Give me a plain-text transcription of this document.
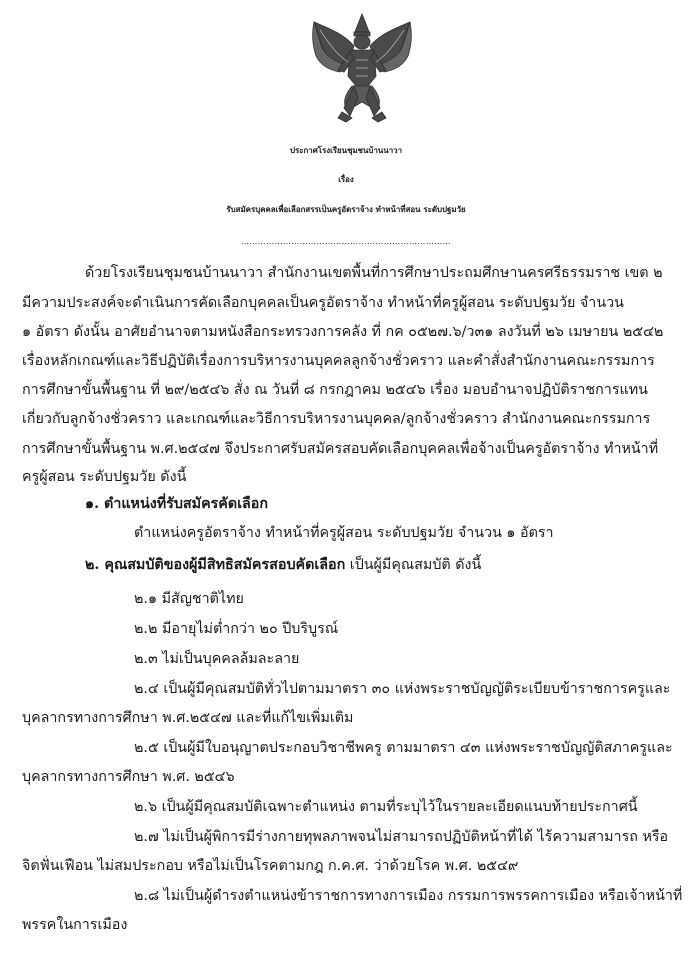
ประกาศโรงเรียนชุมชนบ้านนาวา
เรื่อง
รับสมัครบุคคลเพื่อเลือกสรรเป็นครูอัตราจ้าง ทำหน้าที่สอน ระดับปฐมวัย
…………………………………………………………………
ด้วยโรงเรียนชุมชนบ้านนาวา สำนักงานเขตพื้นที่การศึกษาประถมศึกษานครศรีธรรมราช เขต ๒
มีความประสงค์จะดำเนินการคัดเลือกบุคคลเป็นครูอัตราจ้าง ทำหน้าที่ครูผู้สอน ระดับปฐมวัย จำนวน
๑ อัตรา ดังนั้น อาศัยอำนาจตามหนังสือกระทรวงการคลัง ที่ กค ๐๕๒๗.๖/ว๓๑ ลงวันที่ ๒๖ เมษายน ๒๕๔๒
เรื่องหลักเกณฑ์และวิธีปฏิบัติเรื่องการบริหารงานบุคคลลูกจ้างชั่วคราว และคำสั่งสำนักงานคณะกรรมการ
การศึกษาขั้นพื้นฐาน ที่ ๒๙/๒๕๔๖ สั่ง ณ วันที่ ๘ กรกฎาคม ๒๕๔๖ เรื่อง มอบอำนาจปฏิบัติราชการแทน
เกี่ยวกับลูกจ้างชั่วคราว และเกณฑ์และวิธีการบริหารงานบุคคล/ลูกจ้างชั่วคราว สำนักงานคณะกรรมการ
การศึกษาขั้นพื้นฐาน พ.ศ.๒๕๔๗ จึงประกาศรับสมัครสอบคัดเลือกบุคคลเพื่อจ้างเป็นครูอัตราจ้าง ทำหน้าที่
ครูผู้สอน ระดับปฐมวัย ดังนี้
๑. ตำแหน่งที่รับสมัครคัดเลือก
ตำแหน่งครูอัตราจ้าง ทำหน้าที่ครูผู้สอน ระดับปฐมวัย จำนวน ๑ อัตรา
๒. คุณสมบัติของผู้มีสิทธิสมัครสอบคัดเลือก เป็นผู้มีคุณสมบัติ ดังนี้
๒.๑ มีสัญชาติไทย
๒.๒ มีอายุไม่ต่ำกว่า ๒๐ ปีบริบูรณ์
๒.๓ ไม่เป็นบุคคลล้มละลาย
๒.๔ เป็นผู้มีคุณสมบัติทั่วไปตามมาตรา ๓๐ แห่งพระราชบัญญัติระเบียบข้าราชการครูและ
บุคลากรทางการศึกษา พ.ศ.๒๕๔๗ และที่แก้ไขเพิ่มเติม
๒.๕ เป็นผู้มีใบอนุญาตประกอบวิชาชีพครู ตามมาตรา ๔๓ แห่งพระราชบัญญัติสภาครูและ
บุคลากรทางการศึกษา พ.ศ. ๒๕๔๖
๒.๖ เป็นผู้มีคุณสมบัติเฉพาะตำแหน่ง ตามที่ระบุไว้ในรายละเอียดแนบท้ายประกาศนี้
๒.๗ ไม่เป็นผู้พิการมีร่างกายทุพลภาพจนไม่สามารถปฏิบัติหน้าที่ได้ ไร้ความสามารถ หรือ
จิตฟั่นเฟือน ไม่สมประกอบ หรือไม่เป็นโรคตามกฎ ก.ค.ศ. ว่าด้วยโรค พ.ศ. ๒๕๔๙
๒.๘ ไม่เป็นผู้ดำรงตำแหน่งข้าราชการทางการเมือง กรรมการพรรคการเมือง หรือเจ้าหน้าที่
พรรคในการเมือง
